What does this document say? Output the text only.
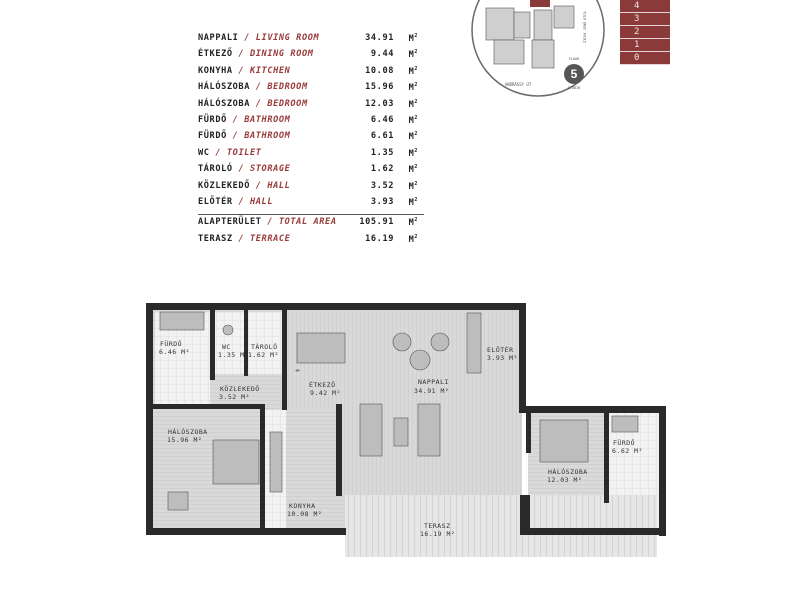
NAPPALI / LIVING ROOM	34.91 $M^2$
ÉTKEZŐ / DINING ROOM	9.44 $M^2$
KONYHA / KITCHEN	10.08 $M^2$
HÁLÓSZOBA / BEDROOM	15.96 $M^2$
HÁLÓSZOBA / BEDROOM	12.03 $M^2$
FÜRDŐ / BATHROOM	6.46 $M^2$
FÜRDŐ / BATHROOM	6.61 $M^2$
WC / TOILET	1.35 $M^2$
TÁROLÓ / STORAGE	1.62 $M^2$
KÖZLEKEDŐ / HALL	3.52 $M^2$
ELŐTÉR / HALL	3.93 $M^2$
ALAPTERÜLET / TOTAL AREA	105.91 $M^2$
TERASZ / TERRACE	16.19 $M^2$
5
FLOOR
ÖTÖDIK
ANDRÁSSY ÚT
ZICHY JENŐ UTCA
4
3
2
1
0
FÜRDŐ
6.46 M²
WC
1.35 M²
TÁROLÓ
1.62 M²
KÖZLEKEDŐ
3.52 M²
ÉTKEZŐ
9.42 M²
NAPPALI
34.91 M²
ELŐTÉR
3.93 M²
HÁLÓSZOBA
15.96 M²
KONYHA
10.08 M²
HÁLÓSZOBA
12.03 M²
FÜRDŐ
6.62 M²
TERASZ
16.19 M²
